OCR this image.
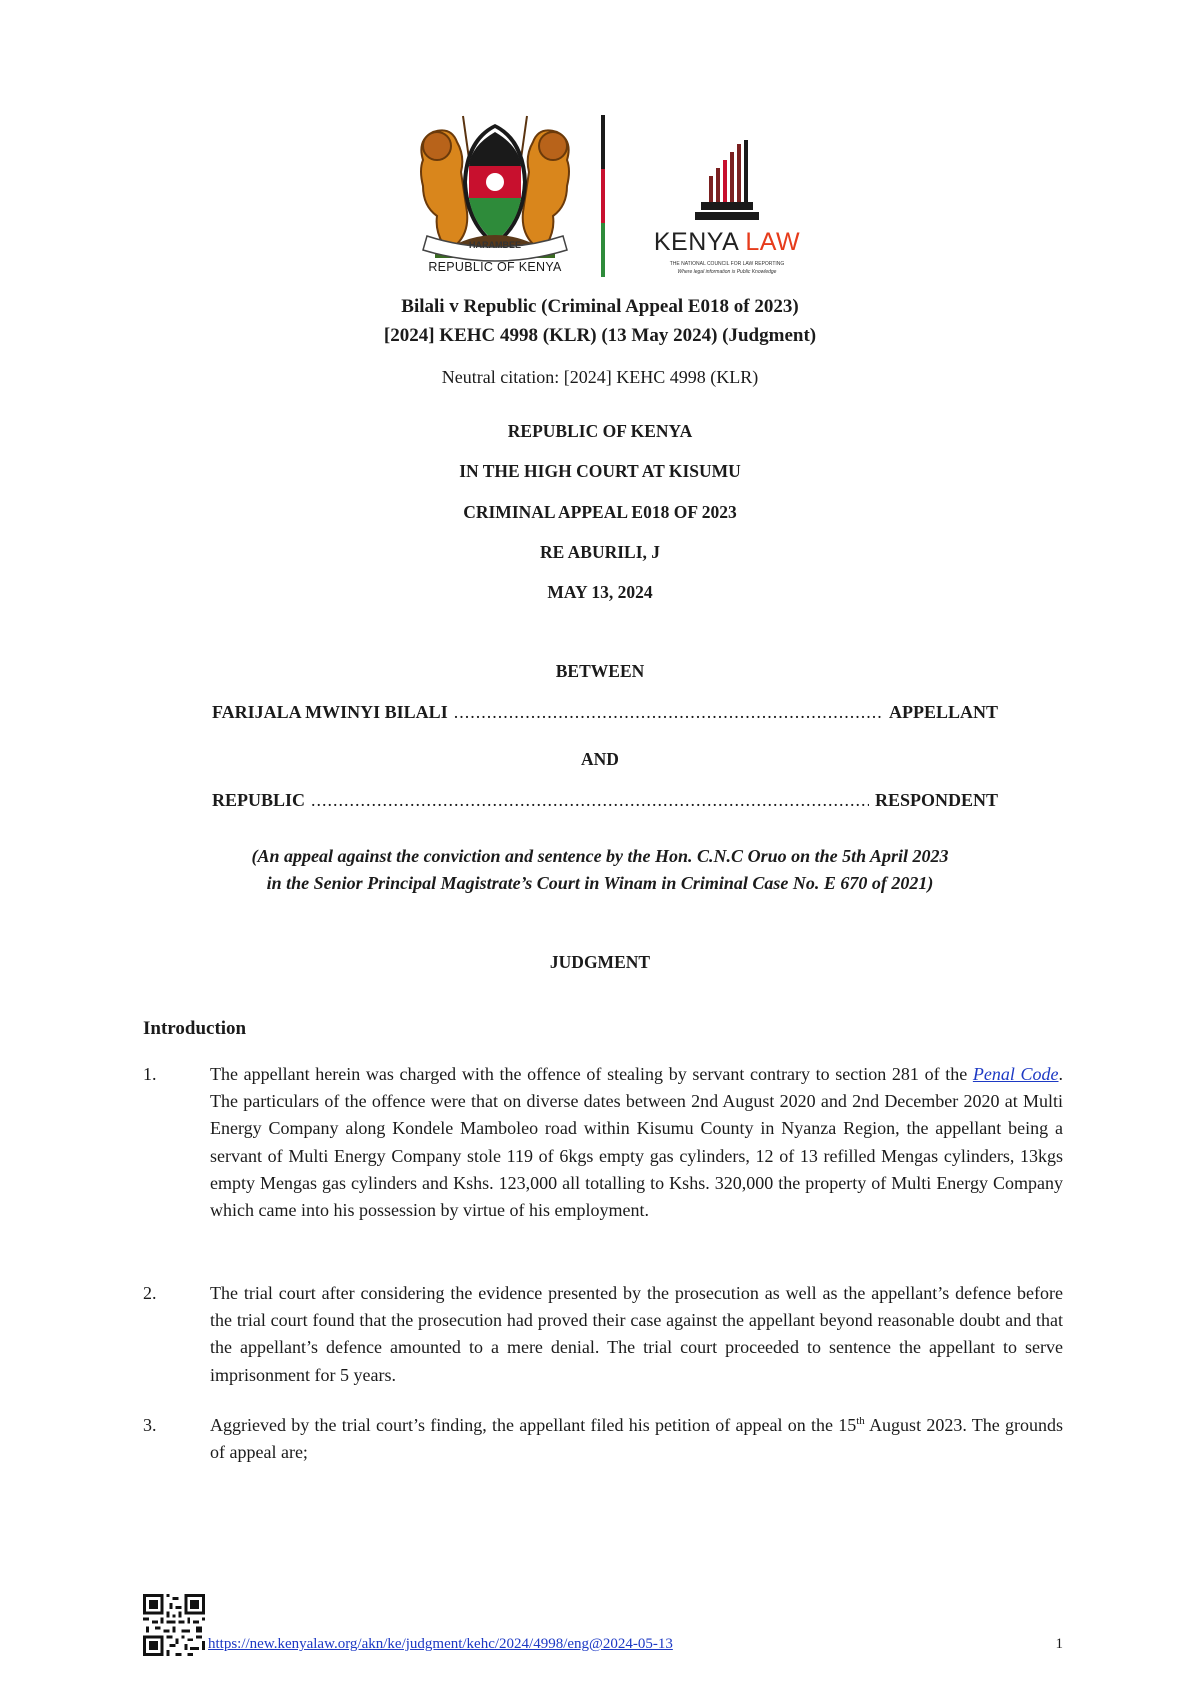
HARAMBEE
REPUBLIC OF KENYA
KENYA LAW
THE NATIONAL COUNCIL FOR LAW REPORTING
Where legal information is Public Knowledge
Bilali v Republic (Criminal Appeal E018 of 2023)
[2024] KEHC 4998 (KLR) (13 May 2024) (Judgment)
Neutral citation: [2024] KEHC 4998 (KLR)
REPUBLIC OF KENYA
IN THE HIGH COURT AT KISUMU
CRIMINAL APPEAL E018 OF 2023
RE ABURILI, J
MAY 13, 2024
BETWEEN
FARIJALA MWINYI BILALI .....	APPELLANT
AND
REPUBLIC .....	RESPONDENT
(An appeal against the conviction and sentence by the Hon. C.N.C Oruo on the 5th April 2023
in the Senior Principal Magistrate’s Court in Winam in Criminal Case No. E 670 of 2021)
JUDGMENT
Introduction
1.	The appellant herein was charged with the offence of stealing by servant contrary to section 281 of the Penal Code. The particulars of the offence were that on diverse dates between 2nd August 2020 and 2nd December 2020 at Multi Energy Company along Kondele Mamboleo road within Kisumu County in Nyanza Region, the appellant being a servant of Multi Energy Company stole 119 of 6kgs empty gas cylinders, 12 of 13 refilled Mengas cylinders, 13kgs empty Mengas gas cylinders and Kshs. 123,000 all totalling to Kshs. 320,000 the property of Multi Energy Company which came into his possession by virtue of his employment.
2.	The trial court after considering the evidence presented by the prosecution as well as the appellant’s defence before the trial court found that the prosecution had proved their case against the appellant beyond reasonable doubt and that the appellant’s defence amounted to a mere denial. The trial court proceeded to sentence the appellant to serve imprisonment for 5 years.
3.	Aggrieved by the trial court’s finding, the appellant filed his petition of appeal on the 15th August 2023. The grounds of appeal are;
https://new.kenyalaw.org/akn/ke/judgment/kehc/2024/4998/eng@2024-05-13	1
